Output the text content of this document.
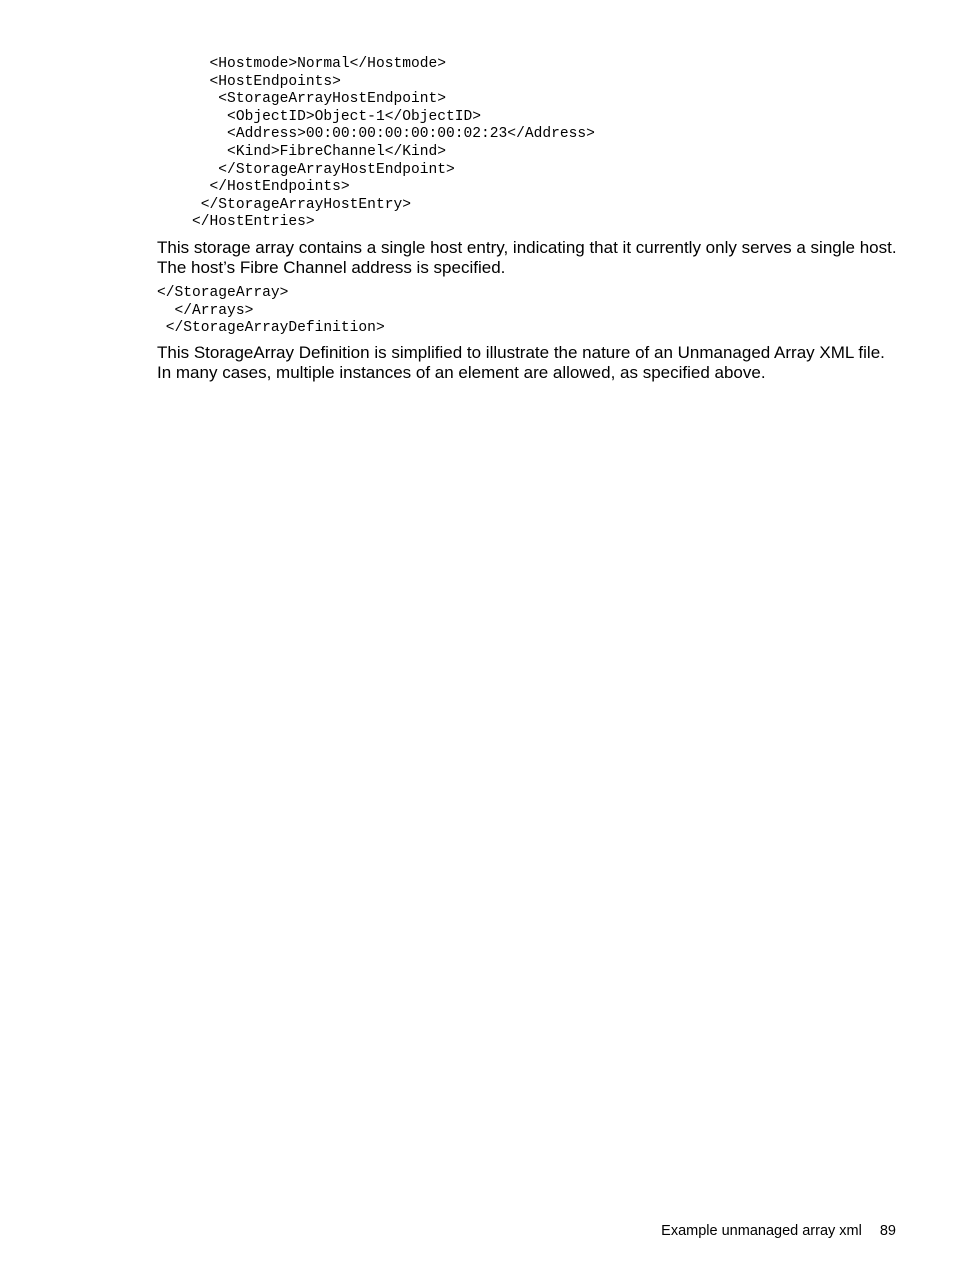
<Hostmode>Normal</Hostmode>
<HostEndpoints>
<StorageArrayHostEndpoint>
<ObjectID>Object-1</ObjectID>
<Address>00:00:00:00:00:00:02:23</Address>
<Kind>FibreChannel</Kind>
</StorageArrayHostEndpoint>
</HostEndpoints>
</StorageArrayHostEntry>
</HostEntries>

This storage array contains a single host entry, indicating that it currently only serves a single host.
The host’s Fibre Channel address is specified.

</StorageArray>
</Arrays>
</StorageArrayDefinition>

This StorageArray Definition is simplified to illustrate the nature of an Unmanaged Array XML file.
In many cases, multiple instances of an element are allowed, as specified above.

Example unmanaged array xml 89
